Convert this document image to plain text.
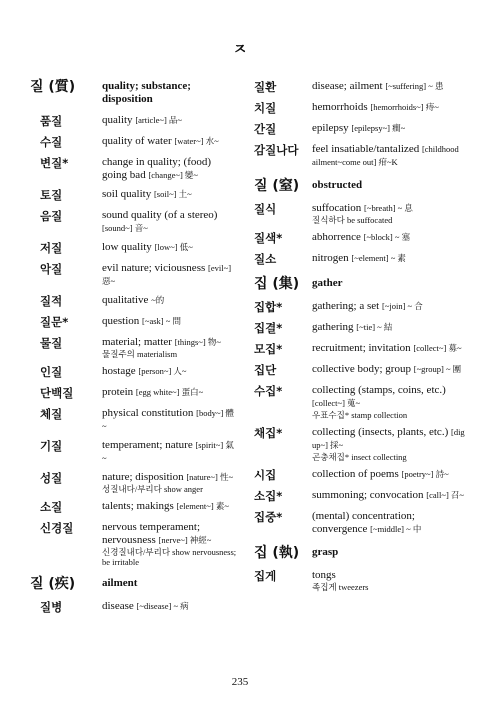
ㅈ
질 (質) quality; substance; disposition
품질	quality [article~] 品~
수질	quality of water [water~] 水~
변질*	change in quality; (food) going bad [change~] 變~
토질	soil quality [soil~] 土~
음질	sound quality (of a stereo) [sound~] 音~
저질	low quality [low~] 低~
악질	evil nature; viciousness [evil~] 惡~
질적	qualitative ~的
질문*	question [~ask] ~ 問
물질	material; matter [things~] 物~
물질주의 materialism
인질	hostage [person~] 人~
단백질	protein [egg white~] 蛋白~
체질	physical constitution [body~] 體~
기질	temperament; nature [spirit~] 氣~
성질	nature; disposition [nature~] 性~
성질내다/부리다 show anger
소질	talents; makings [element~] 素~
신경질	nervous temperament; nervousness [nerve~] 神經~
신경질내다/부리다 show nervousness; be irritable
질 (疾) ailment
질병	disease [~disease] ~ 病
질환	disease; ailment [~suffering] ~ 患
치질	hemorrhoids [hemorrhoids~] 痔~
간질	epilepsy [epilepsy~] 癎~
감질나다 feel insatiable/tantalized [childhood ailment~come out] 疳~K
질 (窒) obstructed
질식	suffocation [~breath] ~ 息
질식하다 be suffocated
질색*	abhorrence [~block] ~ 塞
질소	nitrogen [~element] ~ 素
집 (集) gather
집합*	gathering; a set [~join] ~ 合
집결*	gathering [~tie] ~ 結
모집*	recruitment; invitation [collect~] 募~
집단	collective body; group [~group] ~ 團
수집*	collecting (stamps, coins, etc.) [collect~] 蒐~
우표수집* stamp collection
채집*	collecting (insects, plants, etc.) [dig up~] 採~
곤충채집* insect collecting
시집	collection of poems [poetry~] 詩~
소집*	summoning; convocation [call~] 召~
집중*	(mental) concentration; convergence [~middle] ~ 中
집 (執) grasp
집게	tongs
족집게 tweezers
235
